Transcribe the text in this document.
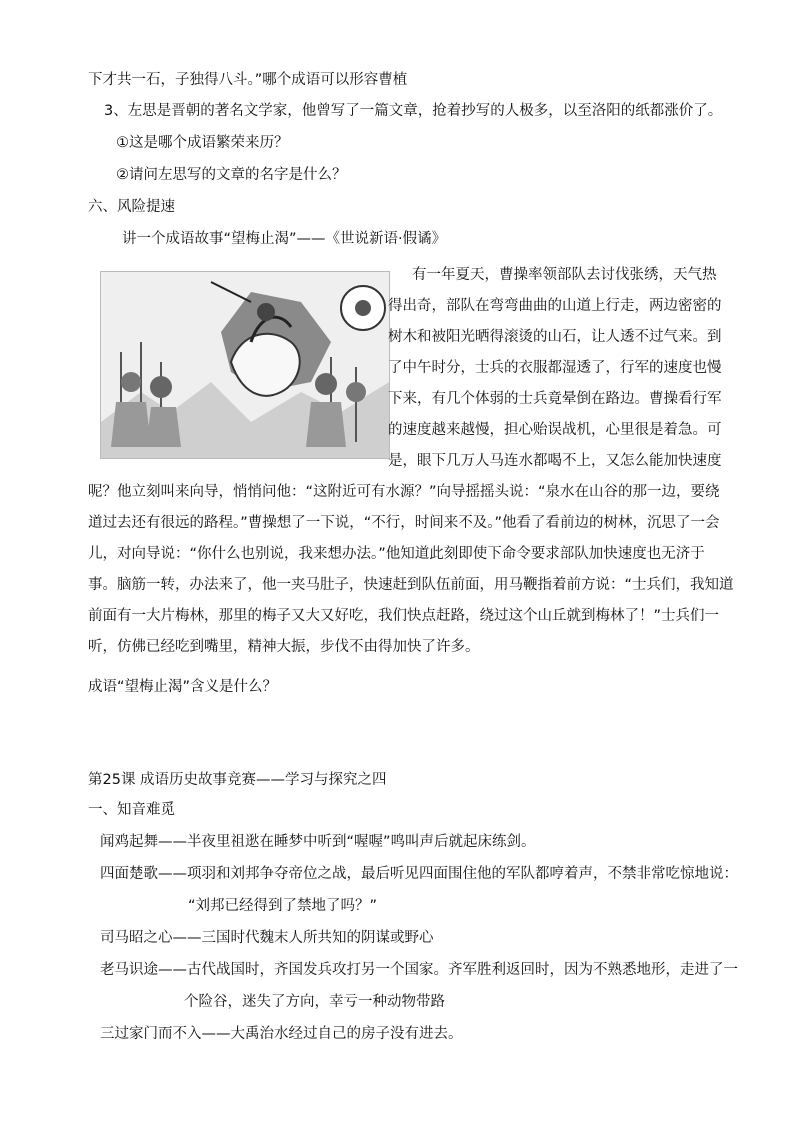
下才共一石，子独得八斗。”哪个成语可以形容曹植
3、左思是晋朝的著名文学家，他曾写了一篇文章，抢着抄写的人极多，以至洛阳的纸都涨价了。
①这是哪个成语繁荣来历？
②请问左思写的文章的名字是什么？
六、风险提速
讲一个成语故事“望梅止渴”——《世说新语·假谲》
有一年夏天，曹操率领部队去讨伐张绣，天气热
得出奇，部队在弯弯曲曲的山道上行走，两边密密的
树木和被阳光晒得滚烫的山石，让人透不过气来。到
了中午时分，士兵的衣服都湿透了，行军的速度也慢
下来，有几个体弱的士兵竟晕倒在路边。曹操看行军
的速度越来越慢，担心贻误战机，心里很是着急。可
是，眼下几万人马连水都喝不上，又怎么能加快速度
呢？他立刻叫来向导，悄悄问他：“这附近可有水源？”向导摇摇头说：“泉水在山谷的那一边，要绕
道过去还有很远的路程。”曹操想了一下说，“不行，时间来不及。”他看了看前边的树林，沉思了一会
儿，对向导说：“你什么也别说，我来想办法。”他知道此刻即使下命令要求部队加快速度也无济于
事。脑筋一转，办法来了，他一夹马肚子，快速赶到队伍前面，用马鞭指着前方说：“士兵们，我知道
前面有一大片梅林，那里的梅子又大又好吃，我们快点赶路，绕过这个山丘就到梅林了！”士兵们一
听，仿佛已经吃到嘴里，精神大振，步伐不由得加快了许多。
成语“望梅止渴”含义是什么？
第25课 成语历史故事竞赛——学习与探究之四
一、知音难觅
闻鸡起舞——半夜里祖逖在睡梦中听到“喔喔”鸣叫声后就起床练剑。
四面楚歌——项羽和刘邦争夺帝位之战，最后听见四面围住他的军队都哼着声，不禁非常吃惊地说：
“刘邦已经得到了禁地了吗？”
司马昭之心——三国时代魏末人所共知的阴谋或野心
老马识途——古代战国时，齐国发兵攻打另一个国家。齐军胜利返回时，因为不熟悉地形，走进了一
个险谷，迷失了方向，幸亏一种动物带路
三过家门而不入——大禹治水经过自己的房子没有进去。
